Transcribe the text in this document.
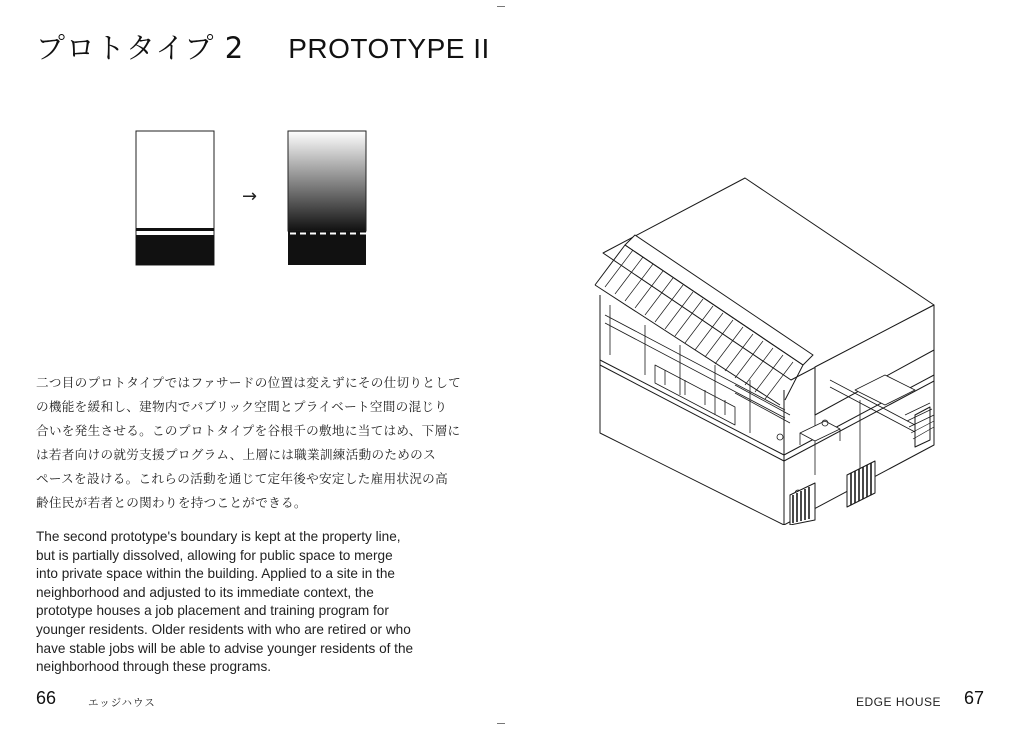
プロトタイプ 2 PROTOTYPE II
→
二つ目のプロトタイプではファサードの位置は変えずにその仕切りとして
の機能を緩和し、建物内でパブリック空間とプライベート空間の混じり
合いを発生させる。このプロトタイプを谷根千の敷地に当てはめ、下層に
は若者向けの就労支援プログラム、上層には職業訓練活動のためのス
ペースを設ける。これらの活動を通じて定年後や安定した雇用状況の高
齢住民が若者との関わりを持つことができる。
The second prototype's boundary is kept at the property line,
but is partially dissolved, allowing for public space to merge
into private space within the building. Applied to a site in the
neighborhood and adjusted to its immediate context, the
prototype houses a job placement and training program for
younger residents. Older residents with who are retired or who
have stable jobs will be able to advise younger residents of the
neighborhood through these programs.
66	エッジハウス	EDGE HOUSE 67
